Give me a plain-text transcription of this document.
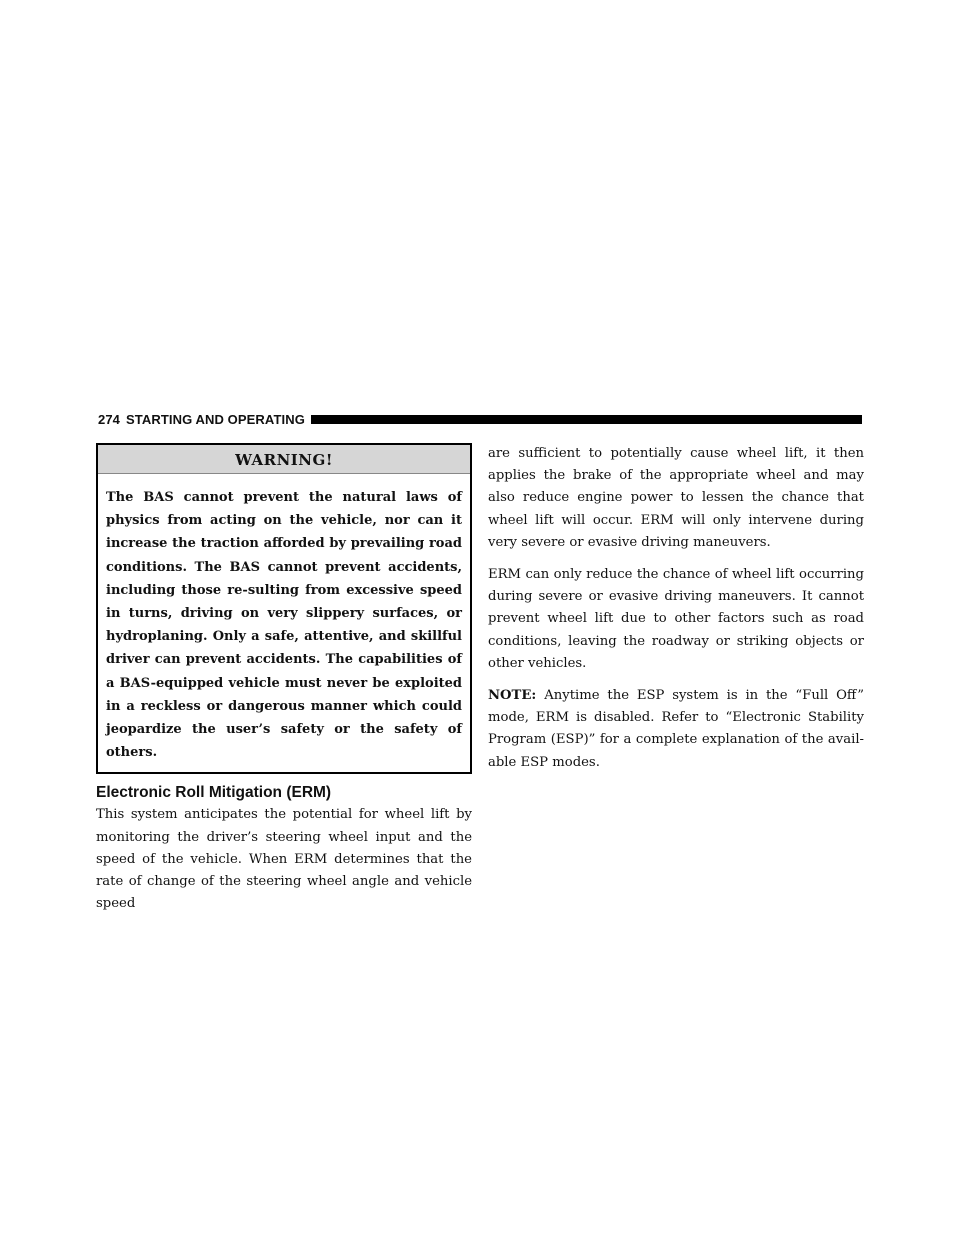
274 STARTING AND OPERATING
WARNING!
The BAS cannot prevent the natural laws of physics from acting on the vehicle, nor can it increase the traction afforded by prevailing road conditions. The BAS cannot prevent accidents, including those re-sulting from excessive speed in turns, driving on very slippery surfaces, or hydroplaning. Only a safe, attentive, and skillful driver can prevent accidents. The capabilities of a BAS-equipped vehicle must never be exploited in a reckless or dangerous manner which could jeopardize the user’s safety or the safety of others.
Electronic Roll Mitigation (ERM)

This system anticipates the potential for wheel lift by monitoring the driver’s steering wheel input and the speed of the vehicle. When ERM determines that the rate of change of the steering wheel angle and vehicle speed

are sufficient to potentially cause wheel lift, it then applies the brake of the appropriate wheel and may also reduce engine power to lessen the chance that wheel lift will occur. ERM will only intervene during very severe or evasive driving maneuvers.

ERM can only reduce the chance of wheel lift occurring during severe or evasive driving maneuvers. It cannot prevent wheel lift due to other factors such as road conditions, leaving the roadway or striking objects or other vehicles.

NOTE: Anytime the ESP system is in the “Full Off” mode, ERM is disabled. Refer to “Electronic Stability Program (ESP)” for a complete explanation of the avail-able ESP modes.
